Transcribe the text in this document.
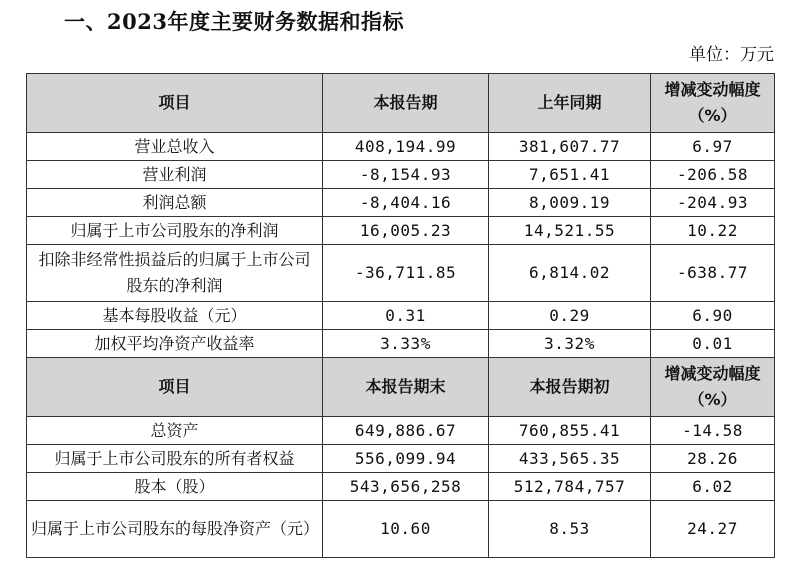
一、2023年度主要财务数据和指标
单位：万元
项目	本报告期	上年同期	增减变动幅度（%）
营业总收入	408,194.99	381,607.77	6.97
营业利润	-8,154.93	7,651.41	-206.58
利润总额	-8,404.16	8,009.19	-204.93
归属于上市公司股东的净利润	16,005.23	14,521.55	10.22
扣除非经常性损益后的归属于上市公司股东的净利润	-36,711.85	6,814.02	-638.77
基本每股收益（元）	0.31	0.29	6.90
加权平均净资产收益率	3.33%	3.32%	0.01
项目	本报告期末	本报告期初	增减变动幅度（%）
总资产	649,886.67	760,855.41	-14.58
归属于上市公司股东的所有者权益	556,099.94	433,565.35	28.26
股本（股）	543,656,258	512,784,757	6.02
归属于上市公司股东的每股净资产（元）	10.60	8.53	24.27
